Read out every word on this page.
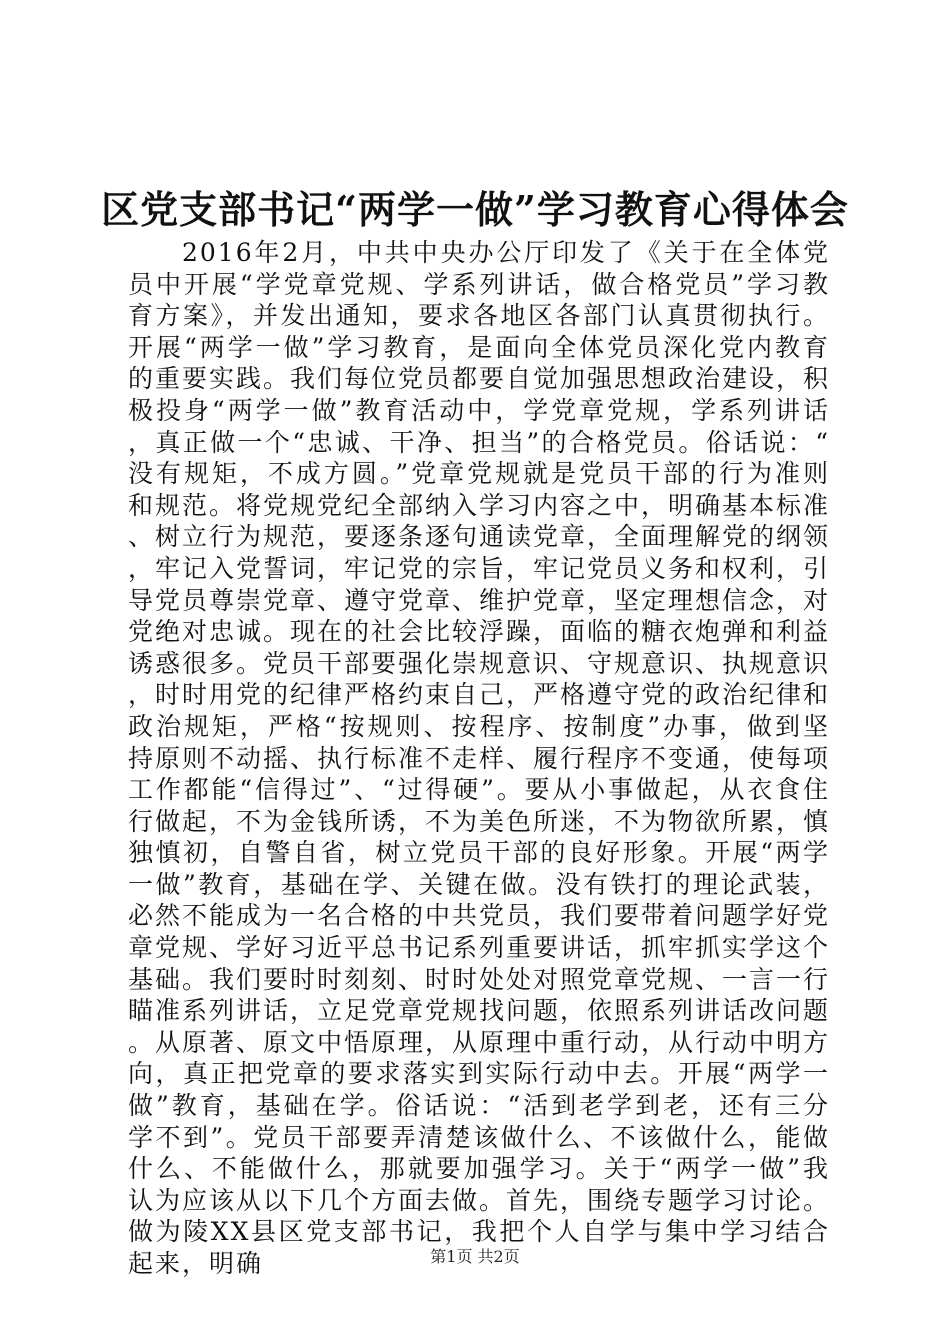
区党支部书记“两学一做”学习教育心得体会

2016年2月，中共中央办公厅印发了《关于在全体党员中开展“学党章党规、学系列讲话，做合格党员”学习教育方案》，并发出通知，要求各地区各部门认真贯彻执行。开展“两学一做”学习教育，是面向全体党员深化党内教育的重要实践。我们每位党员都要自觉加强思想政治建设，积极投身“两学一做”教育活动中，学党章党规，学系列讲话，真正做一个“忠诚、干净、担当”的合格党员。俗话说：“没有规矩，不成方圆。”党章党规就是党员干部的行为准则和规范。将党规党纪全部纳入学习内容之中，明确基本标准、树立行为规范，要逐条逐句通读党章，全面理解党的纲领，牢记入党誓词，牢记党的宗旨，牢记党员义务和权利，引导党员尊崇党章、遵守党章、维护党章，坚定理想信念，对党绝对忠诚。现在的社会比较浮躁，面临的糖衣炮弹和利益诱惑很多。党员干部要强化崇规意识、守规意识、执规意识，时时用党的纪律严格约束自己，严格遵守党的政治纪律和政治规矩，严格“按规则、按程序、按制度”办事，做到坚持原则不动摇、执行标准不走样、履行程序不变通，使每项工作都能“信得过”、“过得硬”。要从小事做起，从衣食住行做起，不为金钱所诱，不为美色所迷，不为物欲所累，慎独慎初，自警自省，树立党员干部的良好形象。开展“两学一做”教育，基础在学、关键在做。没有铁打的理论武装，必然不能成为一名合格的中共党员，我们要带着问题学好党章党规、学好习近平总书记系列重要讲话，抓牢抓实学这个基础。我们要时时刻刻、时时处处对照党章党规、一言一行瞄准系列讲话，立足党章党规找问题，依照系列讲话改问题。从原著、原文中悟原理，从原理中重行动，从行动中明方向，真正把党章的要求落实到实际行动中去。开展“两学一做”教育，基础在学。俗话说：“活到老学到老，还有三分学不到”。党员干部要弄清楚该做什么、不该做什么，能做什么、不能做什么，那就要加强学习。关于“两学一做”我认为应该从以下几个方面去做。首先，围绕专题学习讨论。做为陵XX县区党支部书记，我把个人自学与集中学习结合起来，明确	第1页 共2页
